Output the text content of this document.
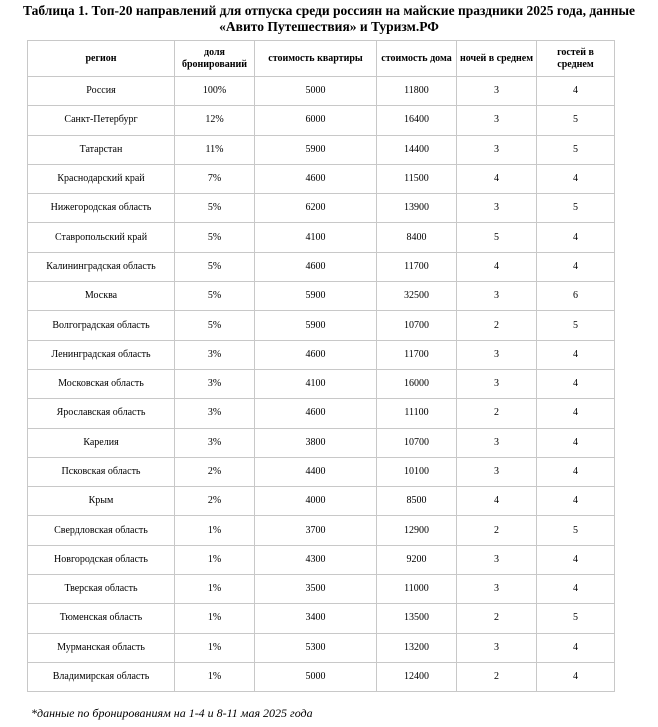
Таблица 1. Топ-20 направлений для отпуска среди россиян на майские праздники 2025 года, данные
«Авито Путешествия» и Туризм.РФ
регион	доля бронирований	стоимость квартиры	стоимость дома	ночей в среднем	гостей в среднем
Россия	100%	5000	11800	3	4
Санкт-Петербург	12%	6000	16400	3	5
Татарстан	11%	5900	14400	3	5
Краснодарский край	7%	4600	11500	4	4
Нижегородская область	5%	6200	13900	3	5
Ставропольский край	5%	4100	8400	5	4
Калининградская область	5%	4600	11700	4	4
Москва	5%	5900	32500	3	6
Волгоградская область	5%	5900	10700	2	5
Ленинградская область	3%	4600	11700	3	4
Московская область	3%	4100	16000	3	4
Ярославская область	3%	4600	11100	2	4
Карелия	3%	3800	10700	3	4
Псковская область	2%	4400	10100	3	4
Крым	2%	4000	8500	4	4
Свердловская область	1%	3700	12900	2	5
Новгородская область	1%	4300	9200	3	4
Тверская область	1%	3500	11000	3	4
Тюменская область	1%	3400	13500	2	5
Мурманская область	1%	5300	13200	3	4
Владимирская область	1%	5000	12400	2	4
*данные по бронированиям на 1-4 и 8-11 мая 2025 года
